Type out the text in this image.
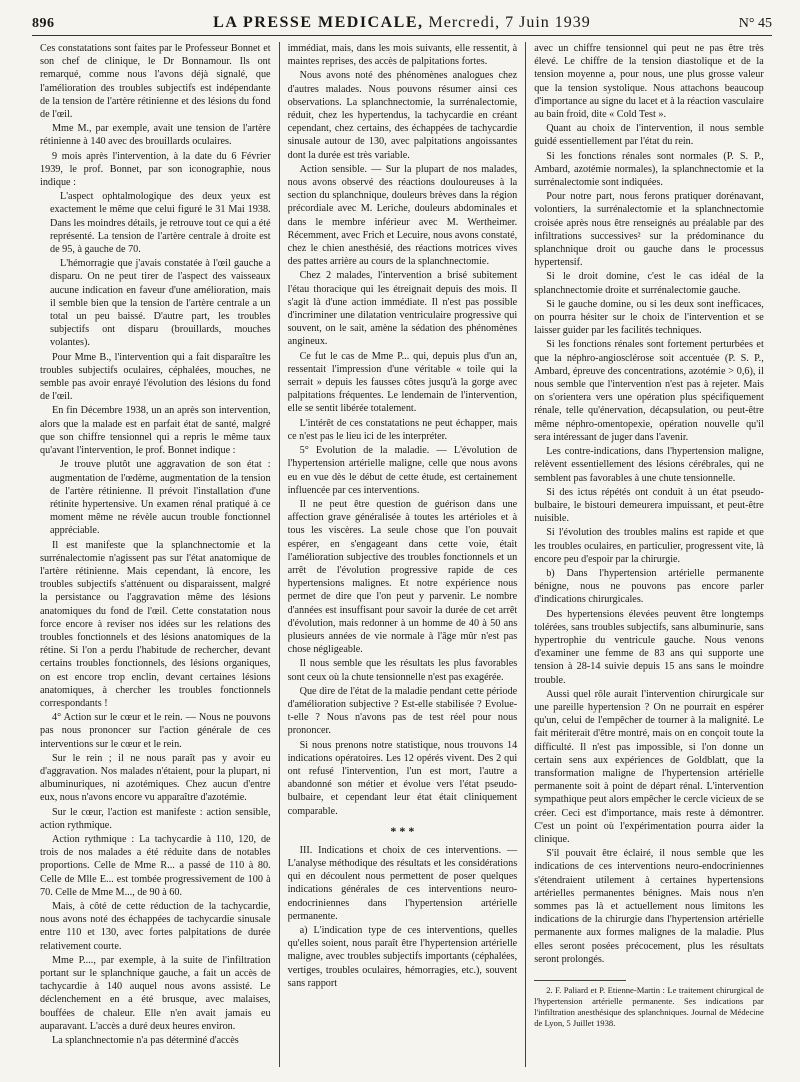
896	LA PRESSE MEDICALE, Mercredi, 7 Juin 1939	N° 45

Ces constatations sont faites par le Professeur Bonnet et son chef de clinique, le Dr Bonnamour. Ils ont remarqué, comme nous l'avons déjà signalé, que l'amélioration des troubles subjectifs est indépendante de la tension de l'artère rétinienne et des lésions du fond de l'œil.

Mme M., par exemple, avait une tension de l'artère rétinienne à 140 avec des brouillards oculaires.

9 mois après l'intervention, à la date du 6 Février 1939, le prof. Bonnet, par son iconographie, nous indique :

L'aspect ophtalmologique des deux yeux est exactement le même que celui figuré le 31 Mai 1938. Dans les moindres détails, je retrouve tout ce qui a été représenté. La tension de l'artère centrale à droite est de 95, à gauche de 70.

L'hémorragie que j'avais constatée à l'œil gauche a disparu. On ne peut tirer de l'aspect des vaisseaux aucune indication en faveur d'une amélioration, mais il semble bien que la tension de l'artère centrale a un total un peu baissé. D'autre part, les troubles subjectifs ont disparu (brouillards, mouches volantes).

Pour Mme B., l'intervention qui a fait disparaître les troubles subjectifs oculaires, céphalées, mouches, ne semble pas avoir enrayé l'évolution des lésions du fond de l'œil.

En fin Décembre 1938, un an après son intervention, alors que la malade est en parfait état de santé, malgré que son chiffre tensionnel qui a repris le même taux qu'avant l'intervention, le prof. Bonnet indique :

Je trouve plutôt une aggravation de son état : augmentation de l'œdème, augmentation de la tension de l'artère rétinienne. Il prévoit l'installation d'une rétinite hypertensive. Un examen rénal pratiqué à ce moment même ne révèle aucun trouble fonctionnel appréciable.

Il est manifeste que la splanchnectomie et la surrénalectomie n'agissent pas sur l'état anatomique de l'artère rétinienne. Mais cependant, là encore, les troubles subjectifs s'atténuent ou disparaissent, malgré la persistance ou l'aggravation même des lésions anatomiques du fond de l'œil. Cette constatation nous force encore à reviser nos idées sur les relations des troubles fonctionnels et des lésions anatomiques de la rétine. Si l'on a perdu l'habitude de rechercher, devant certains troubles fonctionnels, des lésions organiques, on est encore trop enclin, devant certaines lésions anatomiques, à chercher les troubles fonctionnels correspondants !

4° Action sur le cœur et le rein. — Nous ne pouvons pas nous prononcer sur l'action générale de ces interventions sur le cœur et le rein.

Sur le rein ; il ne nous paraît pas y avoir eu d'aggravation. Nos malades n'étaient, pour la plupart, ni albuminuriques, ni azotémiques. Chez aucun d'entre eux, nous n'avons encore vu apparaître d'azotémie.

Sur le cœur, l'action est manifeste : action sensible, action rythmique.

Action rythmique : La tachycardie à 110, 120, de trois de nos malades a été réduite dans de notables proportions. Celle de Mme R... a passé de 110 à 80. Celle de Mlle E... est tombée progressivement de 100 à 70. Celle de Mme M..., de 90 à 60.

Mais, à côté de cette réduction de la tachycardie, nous avons noté des échappées de tachycardie sinusale entre 110 et 130, avec fortes palpitations de durée relativement courte.

Mme P...., par exemple, à la suite de l'infiltration portant sur le splanchnique gauche, a fait un accès de tachycardie à 140 auquel nous avons assisté. Le déclenchement en a été brusque, avec malaises, bouffées de chaleur. Elle n'en avait jamais eu auparavant. L'accès a duré deux heures environ.

La splanchnectomie n'a pas déterminé d'accès

immédiat, mais, dans les mois suivants, elle ressentit, à maintes reprises, des accès de palpitations fortes.

Nous avons noté des phénomènes analogues chez d'autres malades. Nous pouvons résumer ainsi ces observations. La splanchnectomie, la surrénalectomie, réduit, chez les hypertendus, la tachycardie en créant cependant, chez certains, des échappées de tachycardie sinusale autour de 130, avec palpitations angoissantes dont la durée est très variable.

Action sensible. — Sur la plupart de nos malades, nous avons observé des réactions douloureuses à la section du splanchnique, douleurs brèves dans la région précordiale avec M. Leriche, douleurs abdominales et dans le membre inférieur avec M. Wertheimer. Récemment, avec Frich et Lecuire, nous avons constaté, chez le chien anesthésié, des réactions motrices vives des pattes arrière au cours de la splanchnectomie.

Chez 2 malades, l'intervention a brisé subitement l'étau thoracique qui les étreignait depuis des mois. Il s'agit là d'une action immédiate. Il n'est pas possible d'incriminer une dilatation ventriculaire progressive qui souvent, on le sait, amène la sédation des phénomènes angineux.

Ce fut le cas de Mme P... qui, depuis plus d'un an, ressentait l'impression d'une véritable « toile qui la serrait » depuis les fausses côtes jusqu'à la gorge avec palpitations fréquentes. Le lendemain de l'intervention, elle se sentit libérée totalement.

L'intérêt de ces constatations ne peut échapper, mais ce n'est pas le lieu ici de les interpréter.

5° Evolution de la maladie. — L'évolution de l'hypertension artérielle maligne, celle que nous avons eu en vue dès le début de cette étude, est certainement influencée par ces interventions.

Il ne peut être question de guérison dans une affection grave généralisée à toutes les artérioles et à tous les viscères. La seule chose que l'on pouvait espérer, en s'engageant dans cette voie, était l'amélioration subjective des troubles fonctionnels et un arrêt de l'évolution progressive rapide de ces hypertensions malignes. Et notre expérience nous permet de dire que l'on peut y parvenir. Le nombre d'années est insuffisant pour savoir la durée de cet arrêt d'évolution, mais redonner à un homme de 40 à 50 ans plusieurs années de vie normale à l'âge mûr n'est pas chose négligeable.

Il nous semble que les résultats les plus favorables sont ceux où la chute tensionnelle n'est pas exagérée.

Que dire de l'état de la maladie pendant cette période d'amélioration subjective ? Est-elle stabilisée ? Evolue-t-elle ? Nous n'avons pas de test réel pour nous prononcer.

Si nous prenons notre statistique, nous trouvons 14 indications opératoires. Les 12 opérés vivent. Des 2 qui ont refusé l'intervention, l'un est mort, l'autre a abandonné son métier et évolue vers l'état pseudo-bulbaire, et cependant leur état était cliniquement comparable.

* * *

III. Indications et choix de ces interventions. — L'analyse méthodique des résultats et les considérations qui en découlent nous permettent de poser quelques indications générales de ces interventions neuro-endocriniennes dans l'hypertension artérielle permanente.

a) L'indication type de ces interventions, quelles qu'elles soient, nous paraît être l'hypertension artérielle maligne, avec troubles subjectifs importants (céphalées, vertiges, troubles oculaires, hémorragies, etc.), souvent sans rapport

avec un chiffre tensionnel qui peut ne pas être très élevé. Le chiffre de la tension diastolique et de la tension moyenne a, pour nous, une plus grosse valeur que la tension systolique. Nous attachons beaucoup d'importance au signe du lacet et à la réaction vasculaire au bain froid, dite « Cold Test ».

Quant au choix de l'intervention, il nous semble guidé essentiellement par l'état du rein.

Si les fonctions rénales sont normales (P. S. P., Ambard, azotémie normales), la splanchnectomie et la surrénalectomie sont indiquées.

Pour notre part, nous ferons pratiquer dorénavant, volontiers, la surrénalectomie et la splanchnectomie croisée après nous être renseignés au préalable par des infiltrations successives² sur la prédominance du splanchnique droit ou gauche dans le processus hypertensif.

Si le droit domine, c'est le cas idéal de la splanchnectomie droite et surrénalectomie gauche.

Si le gauche domine, ou si les deux sont inefficaces, on pourra hésiter sur le choix de l'intervention et se laisser guider par les facilités techniques.

Si les fonctions rénales sont fortement perturbées et que la néphro-angiosclérose soit accentuée (P. S. P., Ambard, épreuve des concentrations, azotémie > 0,6), il nous semble que l'intervention n'est pas à rejeter. Mais on s'orientera vers une opération plus spécifiquement rénale, telle qu'énervation, décapsulation, ou peut-être même néphro-omentopexie, opération nouvelle qu'il sera intéressant de juger dans l'avenir.

Les contre-indications, dans l'hypertension maligne, relèvent essentiellement des lésions cérébrales, qui ne semblent pas favorables à une chute tensionnelle.

Si des ictus répétés ont conduit à un état pseudo-bulbaire, le bistouri demeurera impuissant, et peut-être nuisible.

Si l'évolution des troubles malins est rapide et que les troubles oculaires, en particulier, progressent vite, là encore peu d'espoir par la chirurgie.

b) Dans l'hypertension artérielle permanente bénigne, nous ne pouvons pas encore parler d'indications chirurgicales.

Des hypertensions élevées peuvent être longtemps tolérées, sans troubles subjectifs, sans albuminurie, sans hypertrophie du ventricule gauche. Nous venons d'examiner une femme de 83 ans qui supporte une tension à 28-14 suivie depuis 15 ans sans le moindre trouble.

Aussi quel rôle aurait l'intervention chirurgicale sur une pareille hypertension ? On ne pourrait en espérer qu'un, celui de l'empêcher de tourner à la malignité. Le fait mériterait d'être montré, mais on en conçoit toute la difficulté. Il n'est pas impossible, si l'on donne un certain sens aux expériences de Goldblatt, que la transformation maligne de l'hypertension artérielle permanente soit à point de départ rénal. L'intervention sympathique peut alors empêcher le cercle vicieux de se créer. Ceci est d'importance, mais reste à démontrer. C'est un point où l'expérimentation pourra aider la clinique.

S'il pouvait être éclairé, il nous semble que les indications de ces interventions neuro-endocriniennes s'étendraient utilement à certaines hypertensions artérielles permanentes bénignes. Mais nous n'en sommes pas là et actuellement nous limitons les indications de la chirurgie dans l'hypertension artérielle permanente aux formes malignes de la maladie. Plus elles seront posées précocement, plus les résultats seront prolongés.

2. F. Paliard et P. Etienne-Martin : Le traitement chirurgical de l'hypertension artérielle permanente. Ses indications par l'infiltration anesthésique des splanchniques. Journal de Médecine de Lyon, 5 Juillet 1938.
